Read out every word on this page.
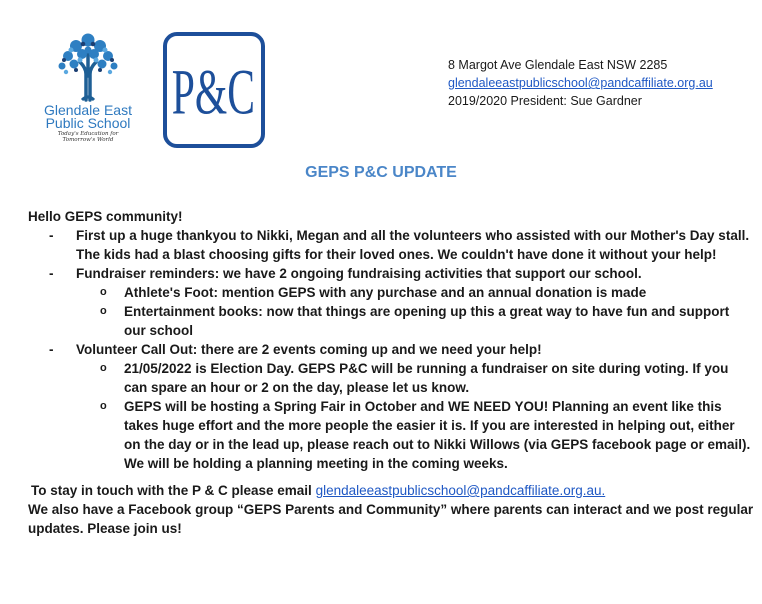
Glendale East
Public School
Today's Education for
Tomorrow's World
P&C	8 Margot Ave Glendale East NSW 2285
glendaleeastpublicschool@pandcaffiliate.org.au
2019/2020 President: Sue Gardner
GEPS P&C UPDATE

Hello GEPS community!

- First up a huge thankyou to Nikki, Megan and all the volunteers who assisted with our Mother's Day stall. The kids had a blast choosing gifts for their loved ones. We couldn't have done it without your help!

- Fundraiser reminders: we have 2 ongoing fundraising activities that support our school.

o Athlete's Foot: mention GEPS with any purchase and an annual donation is made

o Entertainment books: now that things are opening up this a great way to have fun and support our school

- Volunteer Call Out: there are 2 events coming up and we need your help!

o 21/05/2022 is Election Day. GEPS P&C will be running a fundraiser on site during voting. If you can spare an hour or 2 on the day, please let us know.

o GEPS will be hosting a Spring Fair in October and WE NEED YOU! Planning an event like this takes huge effort and the more people the easier it is. If you are interested in helping out, either on the day or in the lead up, please reach out to Nikki Willows (via GEPS facebook page or email). We will be holding a planning meeting in the coming weeks.

To stay in touch with the P & C please email glendaleeastpublicschool@pandcaffiliate.org.au.

We also have a Facebook group “GEPS Parents and Community” where parents can interact and we post regular updates. Please join us!
